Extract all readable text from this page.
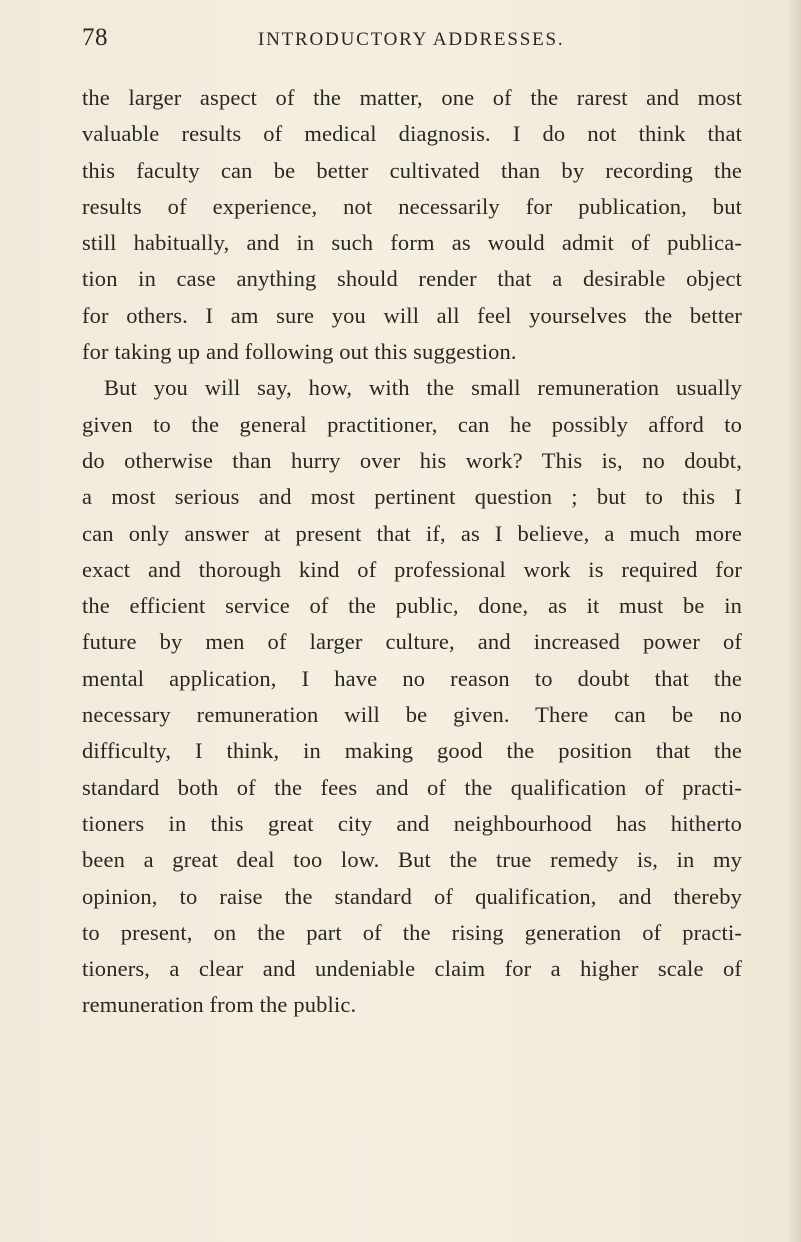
78	INTRODUCTORY ADDRESSES.
the larger aspect of the matter, one of the rarest and most
valuable results of medical diagnosis. I do not think that
this faculty can be better cultivated than by recording the
results of experience, not necessarily for publication, but
still habitually, and in such form as would admit of publica-
tion in case anything should render that a desirable object
for others. I am sure you will all feel yourselves the better
for taking up and following out this suggestion.
But you will say, how, with the small remuneration usually
given to the general practitioner, can he possibly afford to
do otherwise than hurry over his work? This is, no doubt,
a most serious and most pertinent question ; but to this I
can only answer at present that if, as I believe, a much more
exact and thorough kind of professional work is required for
the efficient service of the public, done, as it must be in
future by men of larger culture, and increased power of
mental application, I have no reason to doubt that the
necessary remuneration will be given. There can be no
difficulty, I think, in making good the position that the
standard both of the fees and of the qualification of practi-
tioners in this great city and neighbourhood has hitherto
been a great deal too low. But the true remedy is, in my
opinion, to raise the standard of qualification, and thereby
to present, on the part of the rising generation of practi-
tioners, a clear and undeniable claim for a higher scale of
remuneration from the public.
